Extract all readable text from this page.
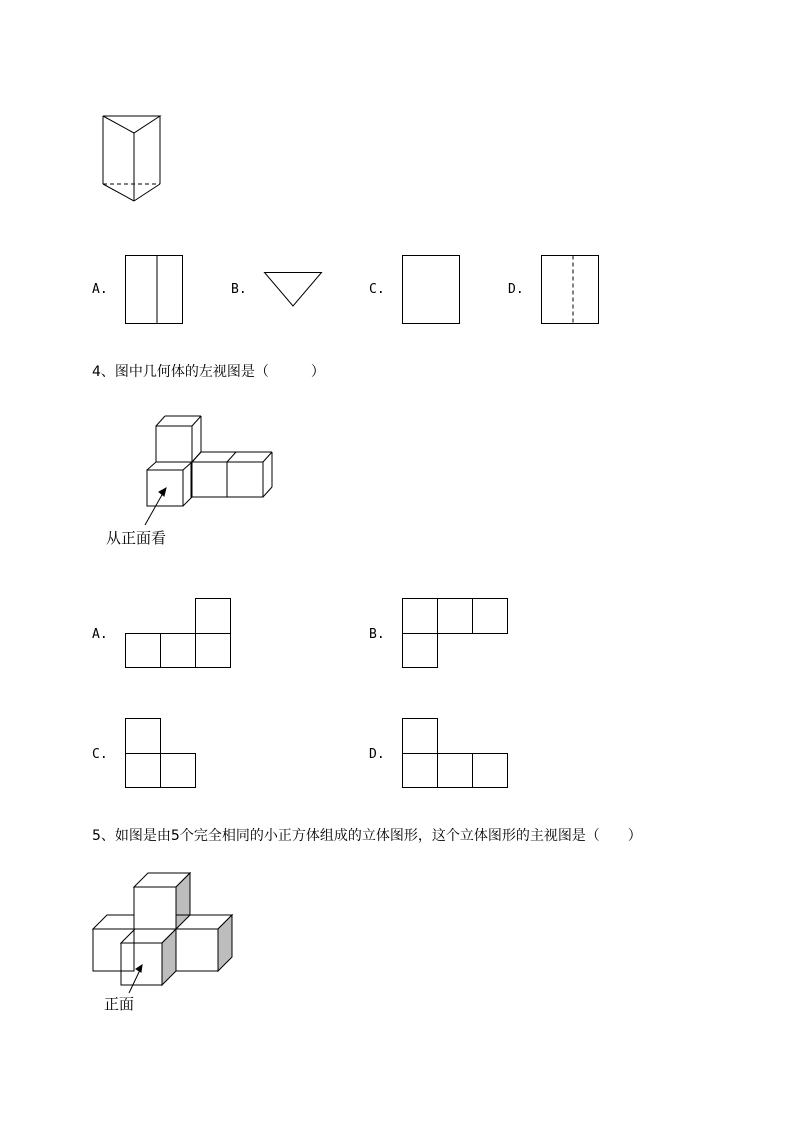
A.	B.	C.	D.
4、图中几何体的左视图是（　　　）
从正面看
A.	B.
C.	D.
5、如图是由5个完全相同的小正方体组成的立体图形，这个立体图形的主视图是（　　）
正面
